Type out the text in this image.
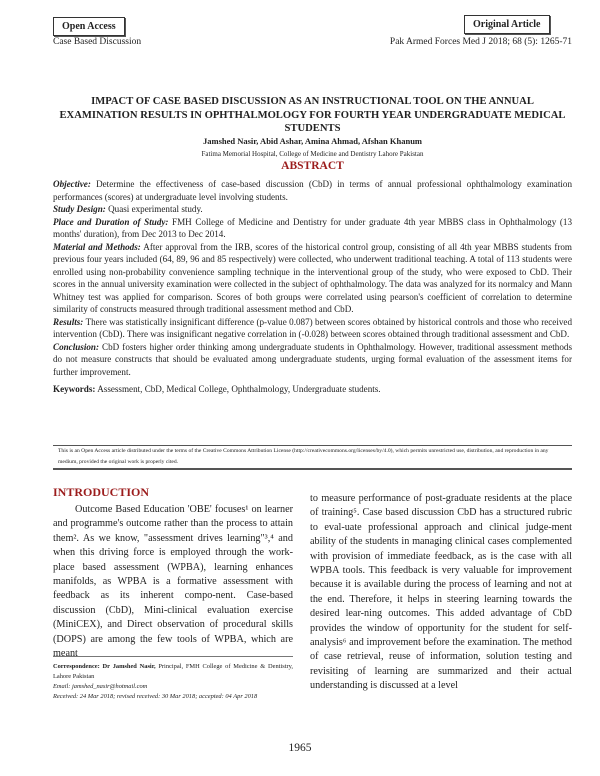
Open Access	Original Article
Case Based Discussion	Pak Armed Forces Med J 2018; 68 (5): 1265-71
IMPACT OF CASE BASED DISCUSSION AS AN INSTRUCTIONAL TOOL ON THE ANNUAL EXAMINATION RESULTS IN OPHTHALMOLOGY FOR FOURTH YEAR UNDERGRADUATE MEDICAL STUDENTS
Jamshed Nasir, Abid Ashar, Amina Ahmad, Afshan Khanum
Fatima Memorial Hospital, College of Medicine and Dentistry Lahore Pakistan
ABSTRACT

Objective: Determine the effectiveness of case-based discussion (CbD) in terms of annual professional ophthalmology examination performances (scores) at undergraduate level involving students.

Study Design: Quasi experimental study.

Place and Duration of Study: FMH College of Medicine and Dentistry for under graduate 4th year MBBS class in Ophthalmology (13 months' duration), from Dec 2013 to Dec 2014.

Material and Methods: After approval from the IRB, scores of the historical control group, consisting of all 4th year MBBS students from previous four years included (64, 89, 96 and 85 respectively) were collected, who underwent traditional teaching. A total of 113 students were enrolled using non-probability convenience sampling technique in the interventional group of the study, who were exposed to CbD. Their scores in the annual university examination were collected in the subject of ophthalmology. The data was analyzed for its normalcy and Mann Whitney test was applied for comparison. Scores of both groups were correlated using pearson's coefficient of correlation to determine similarity of constructs measured through traditional assessment method and CbD.

Results: There was statistically insignificant difference (p-value 0.087) between scores obtained by historical controls and those who received intervention (CbD). There was insignificant negative correlation in (-0.028) between scores obtained through traditional assessment and CbD.

Conclusion: CbD fosters higher order thinking among undergraduate students in Ophthalmology. However, traditional assessment methods do not measure constructs that should be evaluated among undergraduate students, urging formal evaluation of the assessment items for further improvement.

Keywords: Assessment, CbD, Medical College, Ophthalmology, Undergraduate students.

This is an Open Access article distributed under the terms of the Creative Commons Attribution License (http://creativecommons.org/licenses/by/4.0), which permits unrestricted use, distribution, and reproduction in any medium, provided the original work is properly cited.
INTRODUCTION
Outcome Based Education 'OBE' focuses¹ on learner and programme's outcome rather than the process to attain them². As we know, "assessment drives learning"³,⁴ and when this driving force is employed through the work-place based assessment (WPBA), learning enhances manifolds, as WPBA is a formative assessment with feedback as its inherent compo-nent. Case-based discussion (CbD), Mini-clinical evaluation exercise (MiniCEX), and Direct observation of procedural skills (DOPS) are among the few tools of WPBA, which are meant
to measure performance of post-graduate residents at the place of training⁵. Case based discussion CbD has a structured rubric to eval-uate professional approach and clinical judge-ment ability of the students in managing clinical cases complemented with provision of immediate feedback, as is the case with all WPBA tools. This feedback is very valuable for improvement because it is available during the process of learning and not at the end. Therefore, it helps in steering learning towards the desired lear-ning outcomes. This added advantage of CbD provides the window of opportunity for the student for self-analysis⁶ and improvement before the examination. The method of case retrieval, reuse of information, solution testing and revisiting of learning are summarized and their actual understanding is discussed at a level

Correspondence: Dr Jamshed Nasir, Principal, FMH College of Medicine & Dentistry, Lahore Pakistan

Email: jamshed_nasir@hotmail.com

Received: 24 Mar 2018; revised received: 30 Mar 2018; accepted: 04 Apr 2018

1965
